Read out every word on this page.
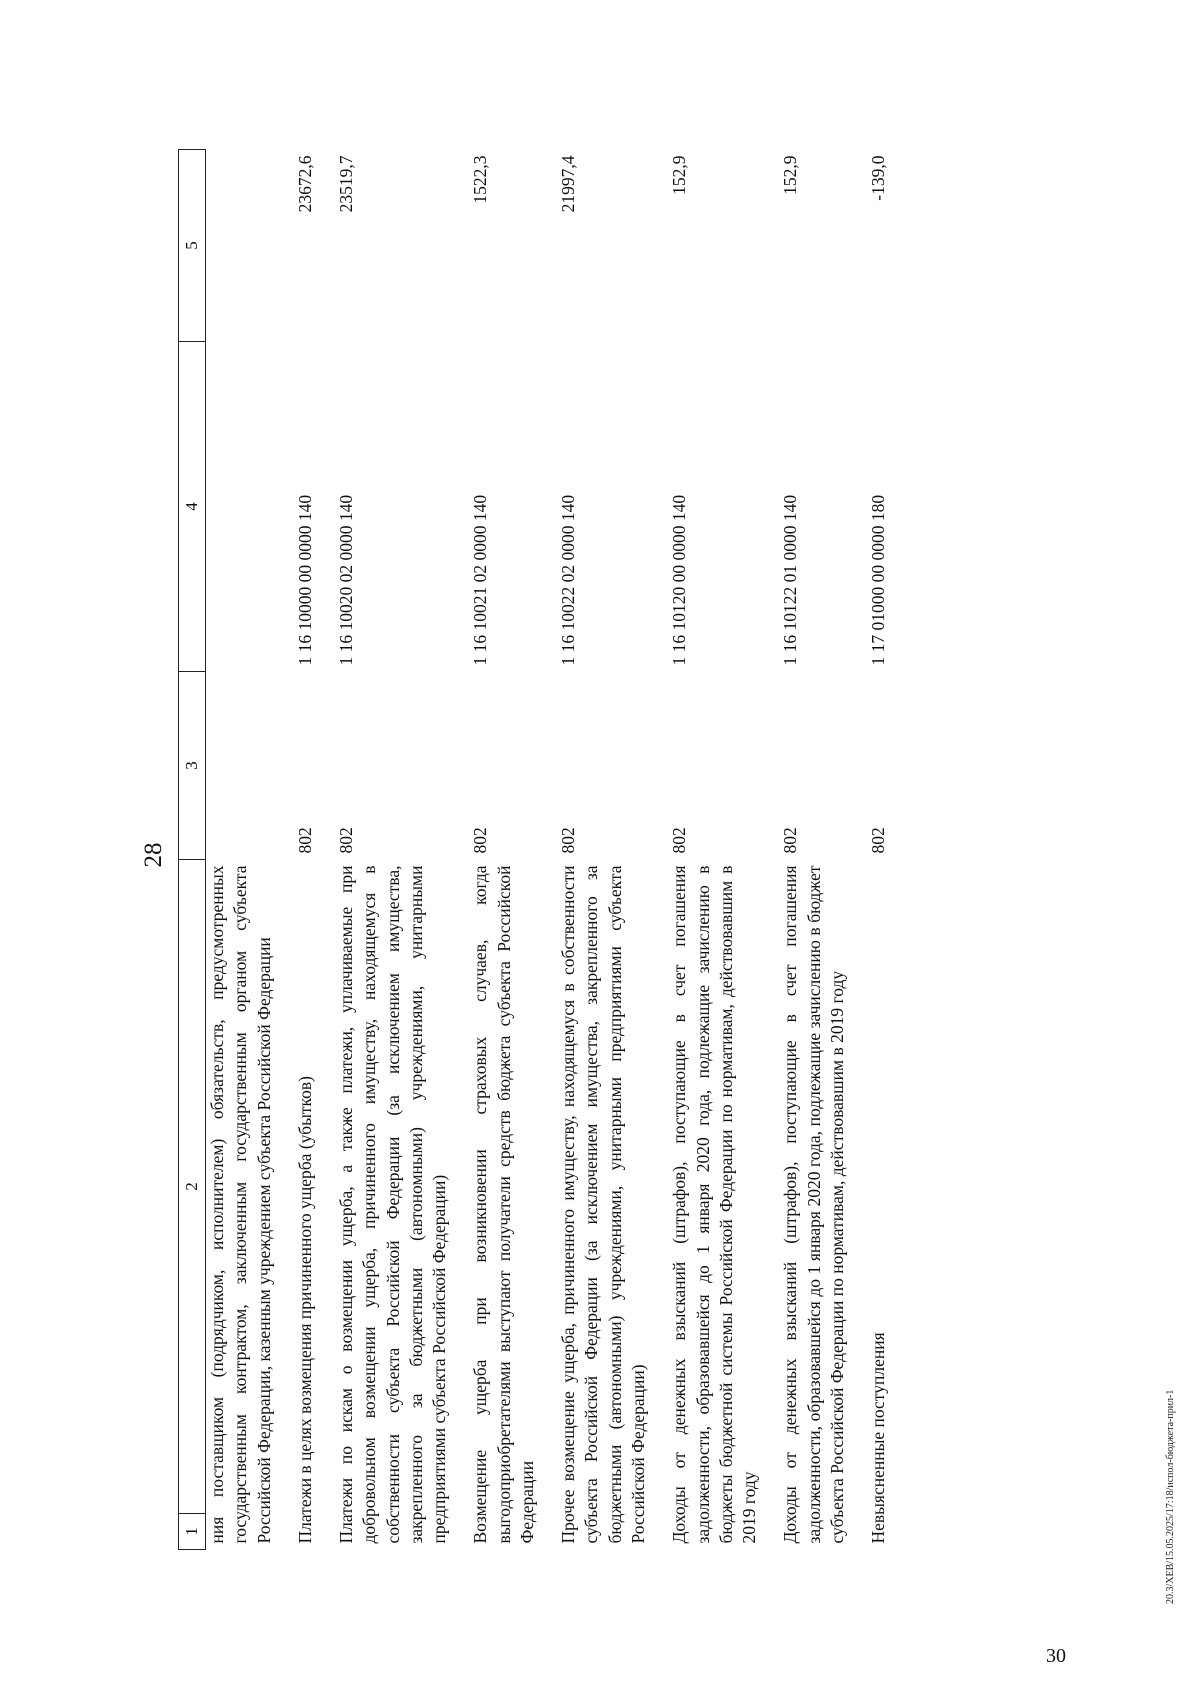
28
1	2	3	4	5
ния поставщиком (подрядчиком, исполнителем) обязательств, предусмотренных государственным контрактом, заключенным государственным органом субъекта Российской Федерации, казенным учреждением субъекта Российской Федерации				
Платежи в целях возмещения причиненного ущерба (убытков)		802	1 16 10000 00 0000 140	23672,6
Платежи по искам о возмещении ущерба, а также платежи, уплачиваемые при добровольном возмещении ущерба, причиненного имуществу, находящемуся в собственности субъекта Российской Федерации (за исключением имущества, закрепленного за бюджетными (автономными) учреждениями, унитарными предприятиями субъекта Российской Федерации)		802	1 16 10020 02 0000 140	23519,7
Возмещение ущерба при возникновении страховых случаев, когда выгодоприобретателями выступают получатели средств бюджета субъекта Российской Федерации		802	1 16 10021 02 0000 140	1522,3
Прочее возмещение ущерба, причиненного имуществу, находящемуся в собственности субъекта Российской Федерации (за исключением имущества, закрепленного за бюджетными (автономными) учреждениями, унитарными предприятиями субъекта Российской Федерации)		802	1 16 10022 02 0000 140	21997,4
Доходы от денежных взысканий (штрафов), поступающие в счет погашения задолженности, образовавшейся до 1 января 2020 года, подлежащие зачислению в бюджеты бюджетной системы Российской Федерации по нормативам, действовавшим в 2019 году		802	1 16 10120 00 0000 140	152,9
Доходы от денежных взысканий (штрафов), поступающие в счет погашения задолженности, образовавшейся до 1 января 2020 года, подлежащие зачислению в бюджет субъекта Российской Федерации по нормативам, действовавшим в 2019 году		802	1 16 10122 01 0000 140	152,9
Невыясненные поступления		802	1 17 01000 00 0000 180	-139,0
20.3/XEB/15.05.2025/17:18/испол-бюджета-прил-1
30
